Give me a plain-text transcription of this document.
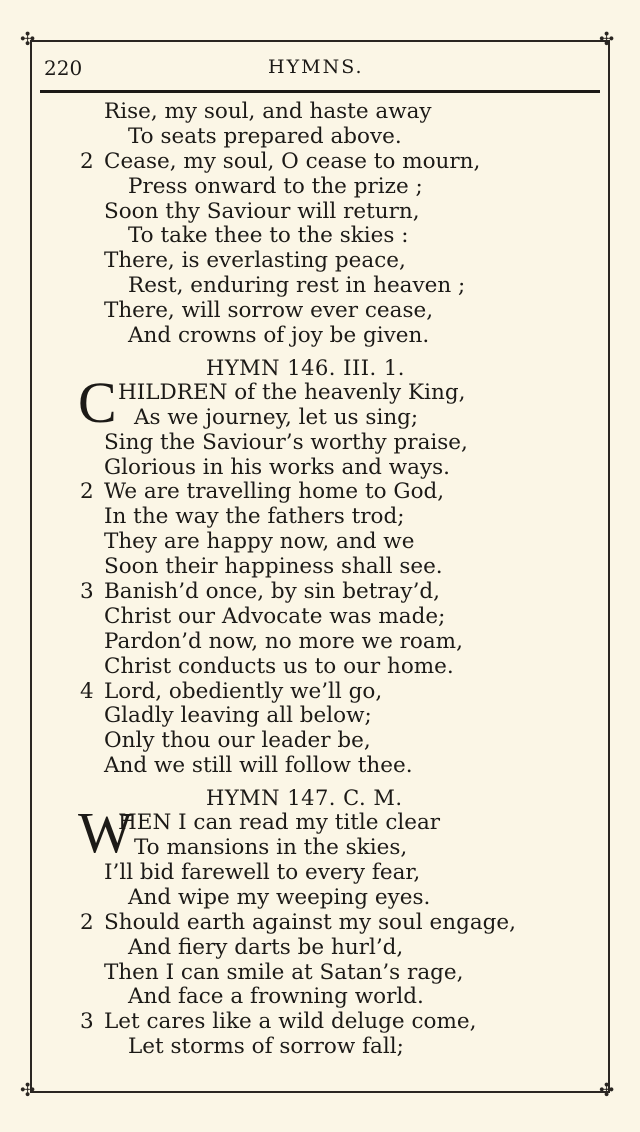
✣	✣
✣	✣
220	HYMNS.
Rise, my soul, and haste away
To seats prepared above.
2 Cease, my soul, O cease to mourn,
Press onward to the prize ;
Soon thy Saviour will return,
To take thee to the skies :
There, is everlasting peace,
Rest, enduring rest in heaven ;
There, will sorrow ever cease,
And crowns of joy be given.
HYMN 146. III. 1.
C HILDREN of the heavenly King,
As we journey, let us sing;
Sing the Saviour’s worthy praise,
Glorious in his works and ways.
2 We are travelling home to God,
In the way the fathers trod;
They are happy now, and we
Soon their happiness shall see.
3 Banish’d once, by sin betray’d,
Christ our Advocate was made;
Pardon’d now, no more we roam,
Christ conducts us to our home.
4 Lord, obediently we’ll go,
Gladly leaving all below;
Only thou our leader be,
And we still will follow thee.
HYMN 147. C. M.
W
HEN I can read my title clear
To mansions in the skies,
I’ll bid farewell to every fear,
And wipe my weeping eyes.
2 Should earth against my soul engage,
And fiery darts be hurl’d,
Then I can smile at Satan’s rage,
And face a frowning world.
3 Let cares like a wild deluge come,
Let storms of sorrow fall;
